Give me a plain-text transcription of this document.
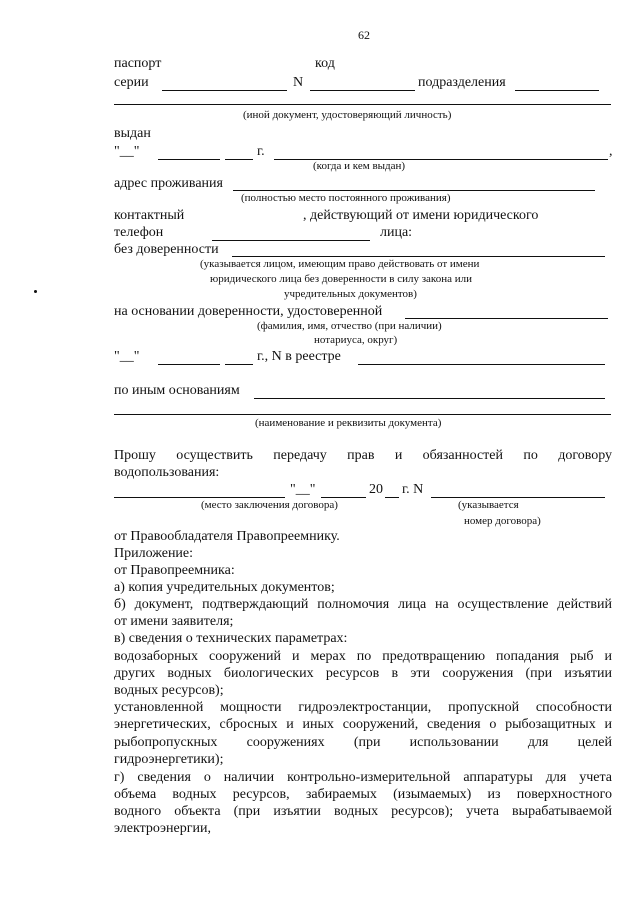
62
паспорт	код
серии	N	подразделения
(иной документ, удостоверяющий личность)
выдан
"__"	г.	,
(когда и кем выдан)
адрес проживания
(полностью место постоянного проживания)
контактный	, действующий от имени юридического
телефон	лица:
без доверенности
(указывается лицом, имеющим право действовать от имени
юридического лица без доверенности в силу закона или
учредительных документов)
на основании доверенности, удостоверенной
(фамилия, имя, отчество (при наличии)
нотариуса, округ)
"__"	г., N в реестре
по иным основаниям
(наименование и реквизиты документа)
Прошу осуществить передачу прав и обязанностей по договору
водопользования:
"__"	20 г. N
(место заключения договора)	(указывается
номер договора)
от Правообладателя Правопреемнику.
Приложение:
от Правопреемника:
а) копия учредительных документов;
б) документ, подтверждающий полномочия лица на осуществление действий
от имени заявителя;
в) сведения о технических параметрах:
водозаборных сооружений и мерах по предотвращению попадания рыб и
других водных биологических ресурсов в эти сооружения (при изъятии
водных ресурсов);
установленной мощности гидроэлектростанции, пропускной способности
энергетических, сбросных и иных сооружений, сведения о рыбозащитных и
рыбопропускных сооружениях (при использовании для целей
гидроэнергетики);
г) сведения о наличии контрольно-измерительной аппаратуры для учета
объема водных ресурсов, забираемых (изымаемых) из поверхностного
водного объекта (при изъятии водных ресурсов); учета вырабатываемой
электроэнергии,
